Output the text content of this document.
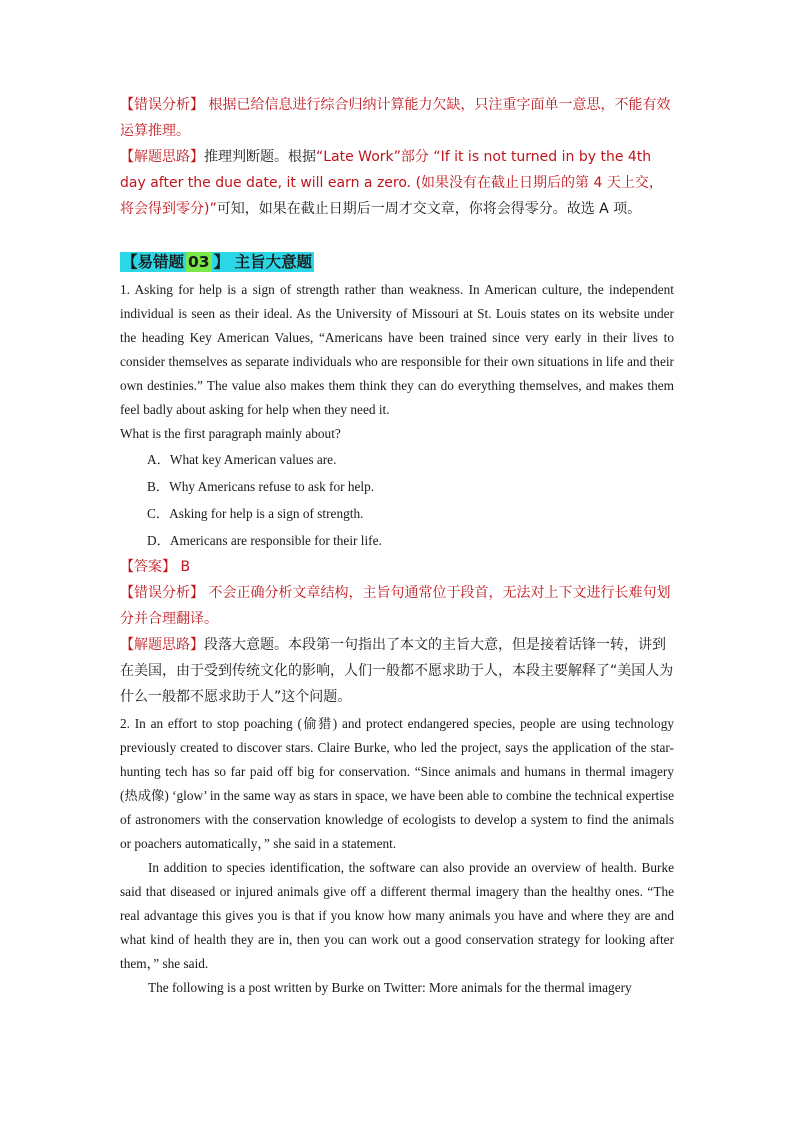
【错误分析】 根据已给信息进行综合归纳计算能力欠缺，只注重字面单一意思，不能有效运算推理。

【解题思路】推理判断题。根据“Late Work”部分 “If it is not turned in by the 4th day after the due date, it will earn a zero. (如果没有在截止日期后的第 4 天上交，将会得到零分)”可知，如果在截止日期后一周才交文章，你将会得零分。故选 A 项。

【易错题 03 】 主旨大意题

1. Asking for help is a sign of strength rather than weakness. In American culture, the independent individual is seen as their ideal. As the University of Missouri at St. Louis states on its website under the heading Key American Values, “Americans have been trained since very early in their lives to consider themselves as separate individuals who are responsible for their own situations in life and their own destinies.” The value also makes them think they can do everything themselves, and makes them feel badly about asking for help when they need it.

What is the first paragraph mainly about?

A．What key American values are.
B．Why Americans refuse to ask for help.
C．Asking for help is a sign of strength.
D．Americans are responsible for their life.

【答案】 B

【错误分析】 不会正确分析文章结构，主旨句通常位于段首，无法对上下文进行长难句划分并合理翻译。

【解题思路】段落大意题。本段第一句指出了本文的主旨大意，但是接着话锋一转，讲到在美国，由于受到传统文化的影响，人们一般都不愿求助于人，本段主要解释了“美国人为什么一般都不愿求助于人”这个问题。

2. In an effort to stop poaching (偷猎) and protect endangered species, people are using technology previously created to discover stars. Claire Burke, who led the project, says the application of the star-hunting tech has so far paid off big for conservation. “Since animals and humans in thermal imagery (热成像) ‘glow’ in the same way as stars in space, we have been able to combine the technical expertise of astronomers with the conservation knowledge of ecologists to develop a system to find the animals or poachers automatically，” she said in a statement.

In addition to species identification, the software can also provide an overview of health. Burke said that diseased or injured animals give off a different thermal imagery than the healthy ones. “The real advantage this gives you is that if you know how many animals you have and where they are and what kind of health they are in, then you can work out a good conservation strategy for looking after them，” she said.

The following is a post written by Burke on Twitter: More animals for the thermal imagery
